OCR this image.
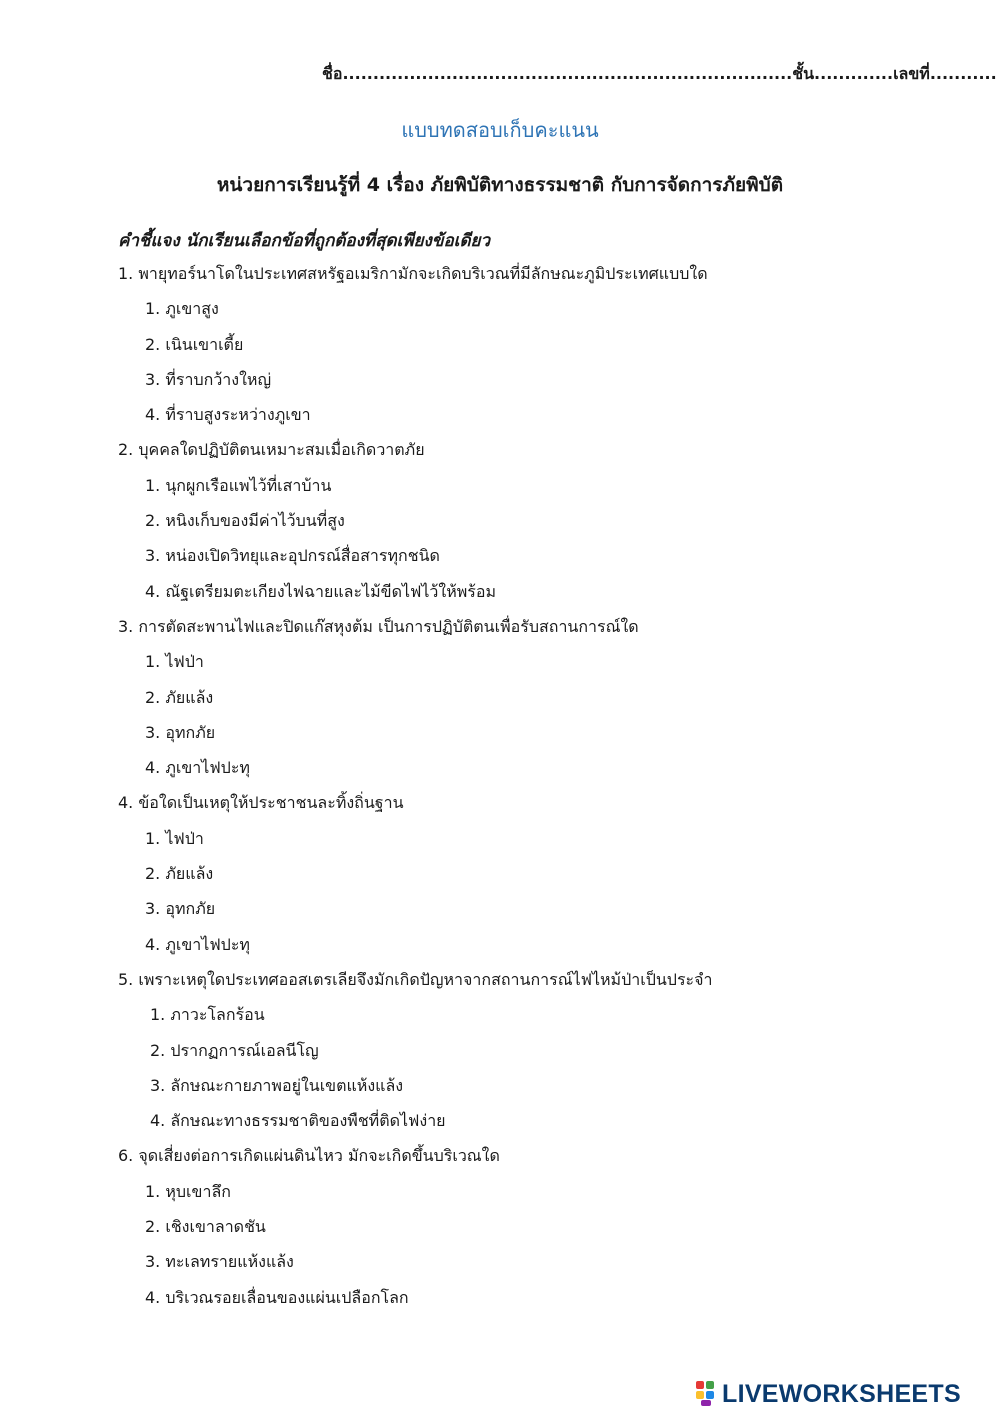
ชื่อ..........................................................................ชั้น.............เลขที่...........
แบบทดสอบเก็บคะแนน
หน่วยการเรียนรู้ที่ 4 เรื่อง ภัยพิบัติทางธรรมชาติ กับการจัดการภัยพิบัติ
คำชี้แจง นักเรียนเลือกข้อที่ถูกต้องที่สุดเพียงข้อเดียว
1. พายุทอร์นาโดในประเทศสหรัฐอเมริกามักจะเกิดบริเวณที่มีลักษณะภูมิประเทศแบบใด
1. ภูเขาสูง
2. เนินเขาเตี้ย
3. ที่ราบกว้างใหญ่
4. ที่ราบสูงระหว่างภูเขา
2. บุคคลใดปฏิบัติตนเหมาะสมเมื่อเกิดวาตภัย
1. นุกผูกเรือแพไว้ที่เสาบ้าน
2. หนิงเก็บของมีค่าไว้บนที่สูง
3. หน่องเปิดวิทยุและอุปกรณ์สื่อสารทุกชนิด
4. ณัฐเตรียมตะเกียงไฟฉายและไม้ขีดไฟไว้ให้พร้อม
3. การตัดสะพานไฟและปิดแก๊สหุงต้ม เป็นการปฏิบัติตนเพื่อรับสถานการณ์ใด
1. ไฟป่า
2. ภัยแล้ง
3. อุทกภัย
4. ภูเขาไฟปะทุ
4. ข้อใดเป็นเหตุให้ประชาชนละทิ้งถิ่นฐาน
1. ไฟป่า
2. ภัยแล้ง
3. อุทกภัย
4. ภูเขาไฟปะทุ
5. เพราะเหตุใดประเทศออสเตรเลียจึงมักเกิดปัญหาจากสถานการณ์ไฟไหม้ป่าเป็นประจำ
1. ภาวะโลกร้อน
2. ปรากฏการณ์เอลนีโญ
3. ลักษณะกายภาพอยู่ในเขตแห้งแล้ง
4. ลักษณะทางธรรมชาติของพืชที่ติดไฟง่าย
6. จุดเสี่ยงต่อการเกิดแผ่นดินไหว มักจะเกิดขึ้นบริเวณใด
1. หุบเขาลึก
2. เชิงเขาลาดชัน
3. ทะเลทรายแห้งแล้ง
4. บริเวณรอยเลื่อนของแผ่นเปลือกโลก
LIVEWORKSHEETS
